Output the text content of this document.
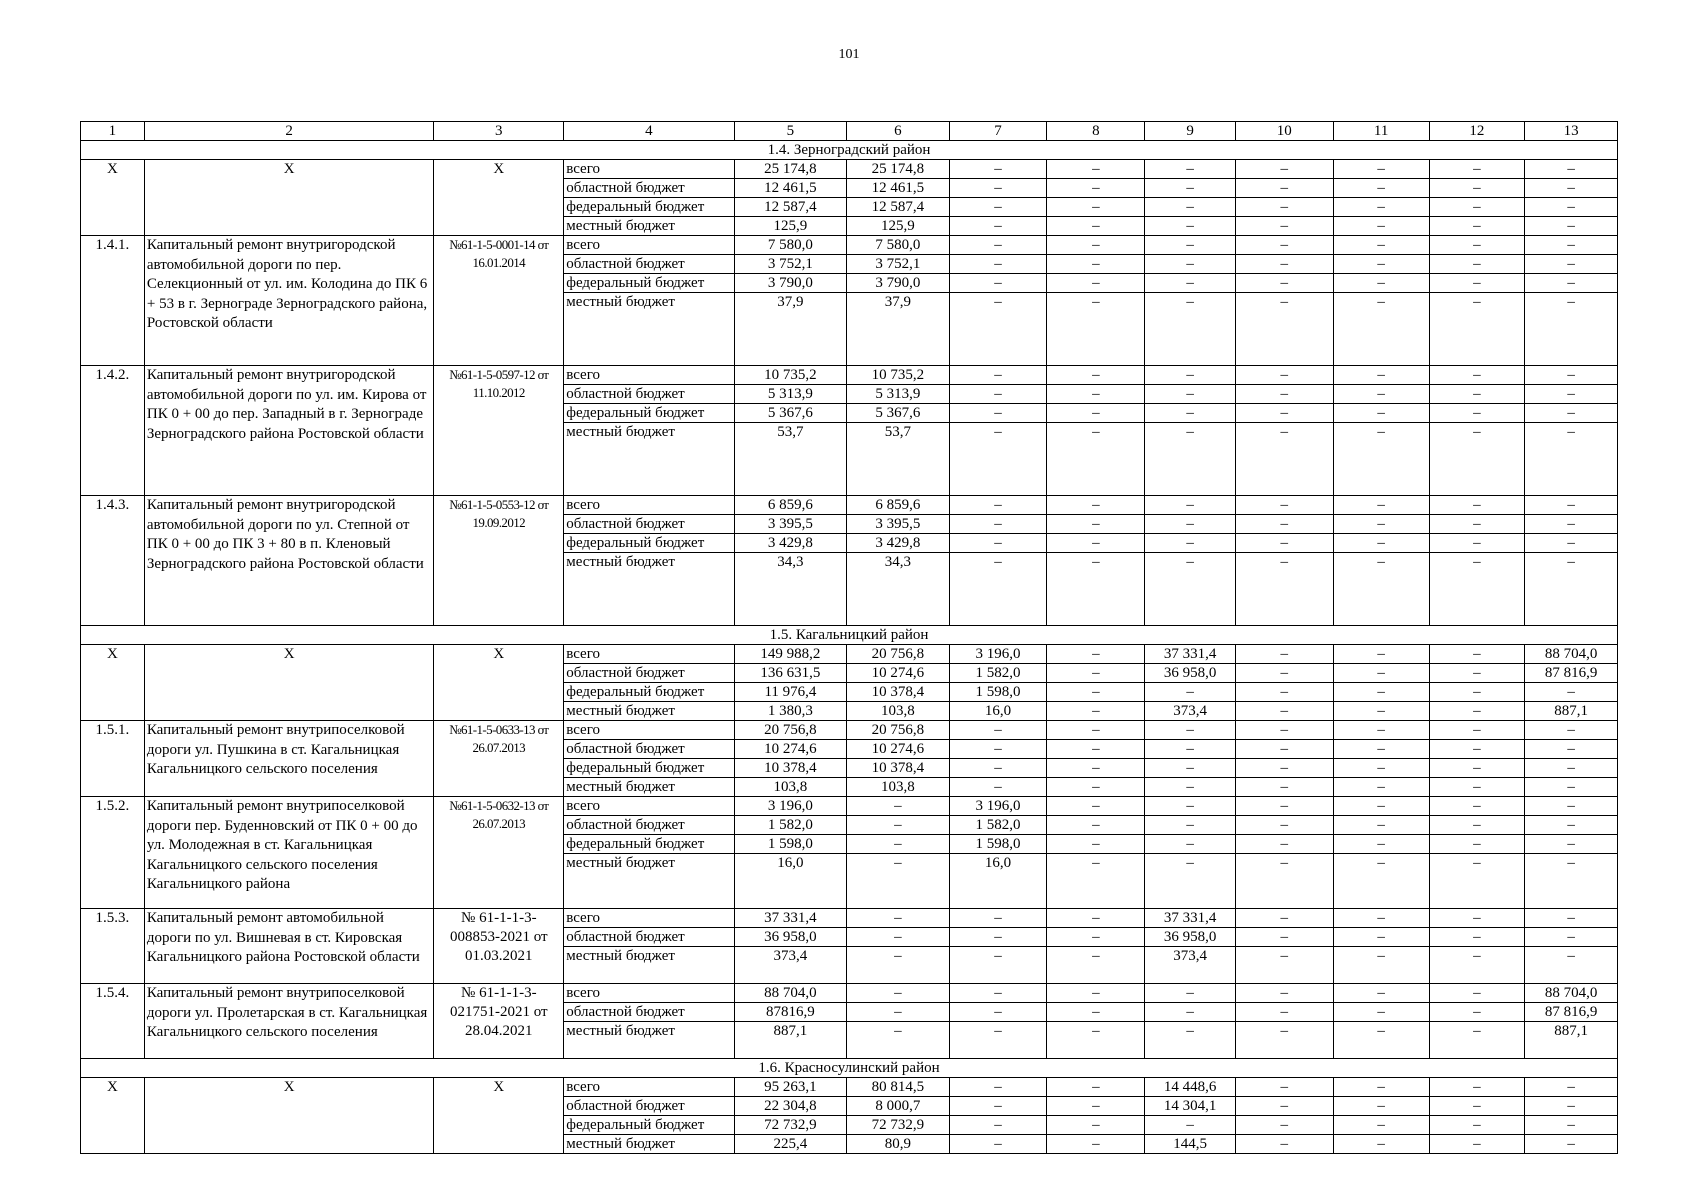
101
1	2	3	4	5	6	7	8	9	10	11	12	13
1.4. Зерноградский район												
X	X	X	всего	25 174,8	25 174,8	–	–	–	–	–	–	–
			областной бюджет	12 461,5	12 461,5	–	–	–	–	–	–	–
			федеральный бюджет	12 587,4	12 587,4	–	–	–	–	–	–	–
			местный бюджет	125,9	125,9	–	–	–	–	–	–	–
1.4.1.	Капитальный ремонт внутригородской автомобильной дороги по пер. Селекционный от ул. им. Колодина до ПК 6 + 53 в г. Зернограде Зерноградского района, Ростовской области	№61-1-5-0001-14 от 16.01.2014	всего	7 580,0	7 580,0	–	–	–	–	–	–	–
			областной бюджет	3 752,1	3 752,1	–	–	–	–	–	–	–
			федеральный бюджет	3 790,0	3 790,0	–	–	–	–	–	–	–
			местный бюджет	37,9	37,9	–	–	–	–	–	–	–
1.4.2.	Капитальный ремонт внутригородской автомобильной дороги по ул. им. Кирова от ПК 0 + 00 до пер. Западный в г. Зернограде Зерноградского района Ростовской области	№61-1-5-0597-12 от 11.10.2012	всего	10 735,2	10 735,2	–	–	–	–	–	–	–
			областной бюджет	5 313,9	5 313,9	–	–	–	–	–	–	–
			федеральный бюджет	5 367,6	5 367,6	–	–	–	–	–	–	–
			местный бюджет	53,7	53,7	–	–	–	–	–	–	–
1.4.3.	Капитальный ремонт внутригородской автомобильной дороги по ул. Степной от ПК 0 + 00 до ПК 3 + 80 в п. Кленовый Зерноградского района Ростовской области	№61-1-5-0553-12 от 19.09.2012	всего	6 859,6	6 859,6	–	–	–	–	–	–	–
			областной бюджет	3 395,5	3 395,5	–	–	–	–	–	–	–
			федеральный бюджет	3 429,8	3 429,8	–	–	–	–	–	–	–
			местный бюджет	34,3	34,3	–	–	–	–	–	–	–
1.5. Кагальницкий район												
X	X	X	всего	149 988,2	20 756,8	3 196,0	–	37 331,4	–	–	–	88 704,0
			областной бюджет	136 631,5	10 274,6	1 582,0	–	36 958,0	–	–	–	87 816,9
			федеральный бюджет	11 976,4	10 378,4	1 598,0	–	–	–	–	–	–
			местный бюджет	1 380,3	103,8	16,0	–	373,4	–	–	–	887,1
1.5.1.	Капитальный ремонт внутрипоселковой дороги ул. Пушкина в ст. Кагальницкая Кагальницкого сельского поселения	№61-1-5-0633-13 от 26.07.2013	всего	20 756,8	20 756,8	–	–	–	–	–	–	–
			областной бюджет	10 274,6	10 274,6	–	–	–	–	–	–	–
			федеральный бюджет	10 378,4	10 378,4	–	–	–	–	–	–	–
			местный бюджет	103,8	103,8	–	–	–	–	–	–	–
1.5.2.	Капитальный ремонт внутрипоселковой дороги пер. Буденновский от ПК 0 + 00 до ул. Молодежная в ст. Кагальницкая Кагальницкого сельского поселения Кагальницкого района	№61-1-5-0632-13 от 26.07.2013	всего	3 196,0	–	3 196,0	–	–	–	–	–	–
			областной бюджет	1 582,0	–	1 582,0	–	–	–	–	–	–
			федеральный бюджет	1 598,0	–	1 598,0	–	–	–	–	–	–
			местный бюджет	16,0	–	16,0	–	–	–	–	–	–
1.5.3.	Капитальный ремонт автомобильной дороги по ул. Вишневая в ст. Кировская Кагальницкого района Ростовской области	№ 61-1-1-3-008853-2021 от 01.03.2021	всего	37 331,4	–	–	–	37 331,4	–	–	–	–
			областной бюджет	36 958,0	–	–	–	36 958,0	–	–	–	–
			местный бюджет	373,4	–	–	–	373,4	–	–	–	–
1.5.4.	Капитальный ремонт внутрипоселковой дороги ул. Пролетарская в ст. Кагальницкая Кагальницкого сельского поселения	№ 61-1-1-3-021751-2021 от 28.04.2021	всего	88 704,0	–	–	–	–	–	–	–	88 704,0
			областной бюджет	87816,9	–	–	–	–	–	–	–	87 816,9
			местный бюджет	887,1	–	–	–	–	–	–	–	887,1
1.6. Красносулинский район												
X	X	X	всего	95 263,1	80 814,5	–	–	14 448,6	–	–	–	–
			областной бюджет	22 304,8	8 000,7	–	–	14 304,1	–	–	–	–
			федеральный бюджет	72 732,9	72 732,9	–	–	–	–	–	–	–
			местный бюджет	225,4	80,9	–	–	144,5	–	–	–	–
